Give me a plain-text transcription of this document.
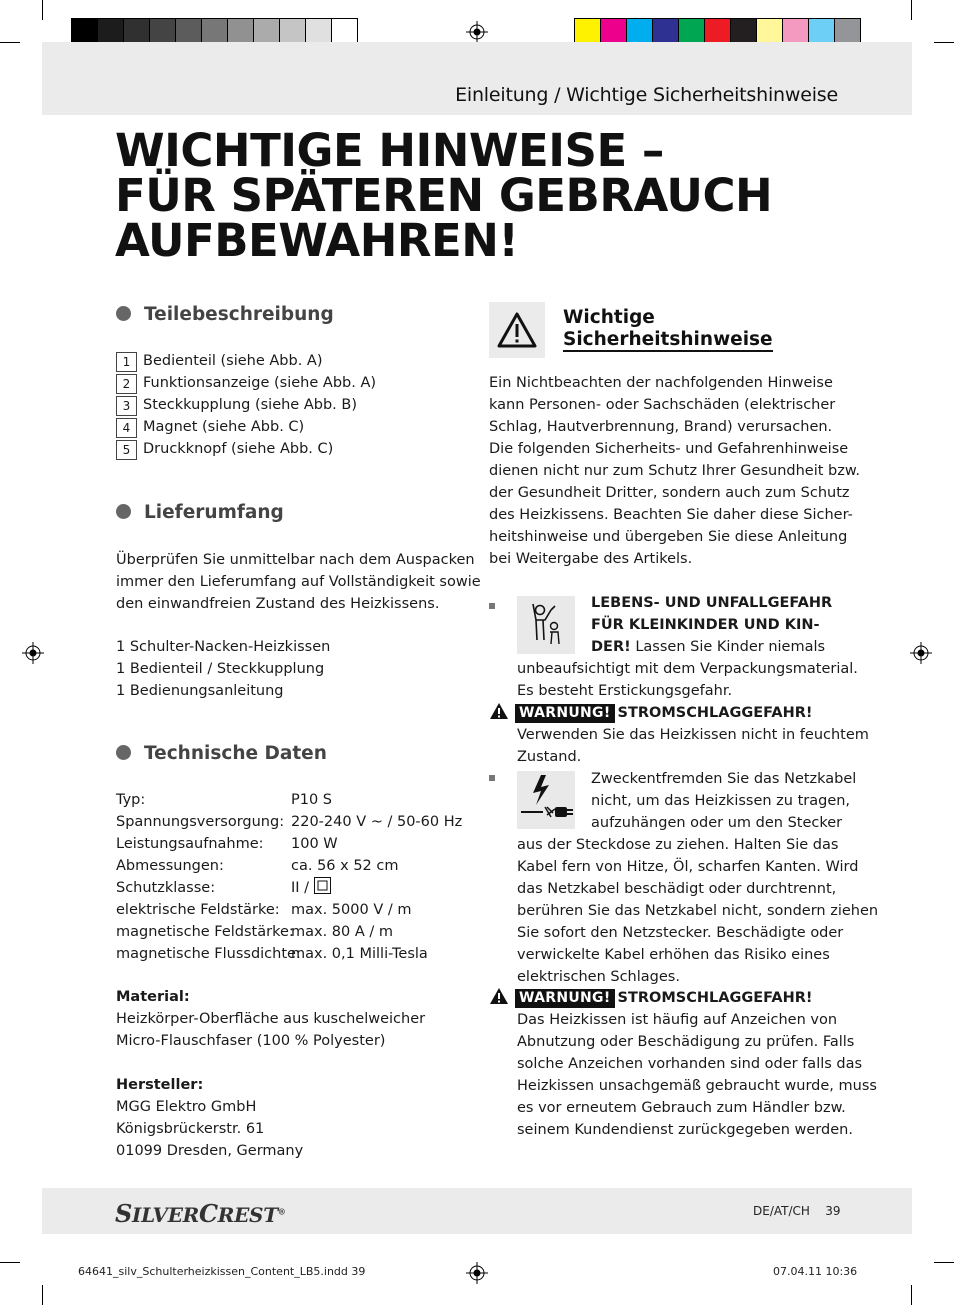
Einleitung / Wichtige Sicherheitshinweise
WICHTIGE HINWEISE –
FÜR SPÄTEREN GEBRAUCH
AUFBEWAHREN!
Teilebeschreibung
1 Bedienteil (siehe Abb. A)
2 Funktionsanzeige (siehe Abb. A)
3 Steckkupplung (siehe Abb. B)
4 Magnet (siehe Abb. C)
5 Druckknopf (siehe Abb. C)
Lieferumfang
Überprüfen Sie unmittelbar nach dem Auspacken
immer den Lieferumfang auf Vollständigkeit sowie
den einwandfreien Zustand des Heizkissens.
1 Schulter-Nacken-Heizkissen
1 Bedienteil / Steckkupplung
1 Bedienungsanleitung
Technische Daten
Typ:	P10 S
Spannungsversorgung: 220-240 V ~ / 50-60 Hz
Leistungsaufnahme: 100 W
Abmessungen:	ca. 56 x 52 cm
Schutzklasse:	II /
elektrische Feldstärke: max. 5000 V / m
magnetische Feldstärke:
max. 80 A / m
magnetische Flussdichte:
max. 0,1 Milli-Tesla
Material:
Heizkörper-Oberfläche aus kuschelweicher
Micro-Flauschfaser (100 % Polyester)
Hersteller:
MGG Elektro GmbH
Königsbrückerstr. 61
01099 Dresden, Germany
Wichtige
Sicherheitshinweise
Ein Nichtbeachten der nachfolgenden Hinweise
kann Personen- oder Sachschäden (elektrischer
Schlag, Hautverbrennung, Brand) verursachen.
Die folgenden Sicherheits- und Gefahrenhinweise
dienen nicht nur zum Schutz Ihrer Gesundheit bzw.
der Gesundheit Dritter, sondern auch zum Schutz
des Heizkissens. Beachten Sie daher diese Sicher-
heitshinweise und übergeben Sie diese Anleitung
bei Weitergabe des Artikels.
LEBENS- UND UNFALLGEFAHR
FÜR KLEINKINDER UND KIN-
DER! Lassen Sie Kinder niemals
unbeaufsichtigt mit dem Verpackungsmaterial.
Es besteht Erstickungsgefahr.
WARNUNG! STROMSCHLAGGEFAHR!
Verwenden Sie das Heizkissen nicht in feuchtem
Zustand.
Zweckentfremden Sie das Netzkabel
nicht, um das Heizkissen zu tragen,
aufzuhängen oder um den Stecker
aus der Steckdose zu ziehen. Halten Sie das
Kabel fern von Hitze, Öl, scharfen Kanten. Wird
das Netzkabel beschädigt oder durchtrennt,
berühren Sie das Netzkabel nicht, sondern ziehen
Sie sofort den Netzstecker. Beschädigte oder
verwickelte Kabel erhöhen das Risiko eines
elektrischen Schlages.
WARNUNG! STROMSCHLAGGEFAHR!
Das Heizkissen ist häufig auf Anzeichen von
Abnutzung oder Beschädigung zu prüfen. Falls
solche Anzeichen vorhanden sind oder falls das
Heizkissen unsachgemäß gebraucht wurde, muss
es vor erneutem Gebrauch zum Händler bzw.
seinem Kundendienst zurückgegeben werden.
SILVERCREST®	DE/AT/CH 39
64641_silv_Schulterheizkissen_Content_LB5.indd 39	07.04.11 10:36
